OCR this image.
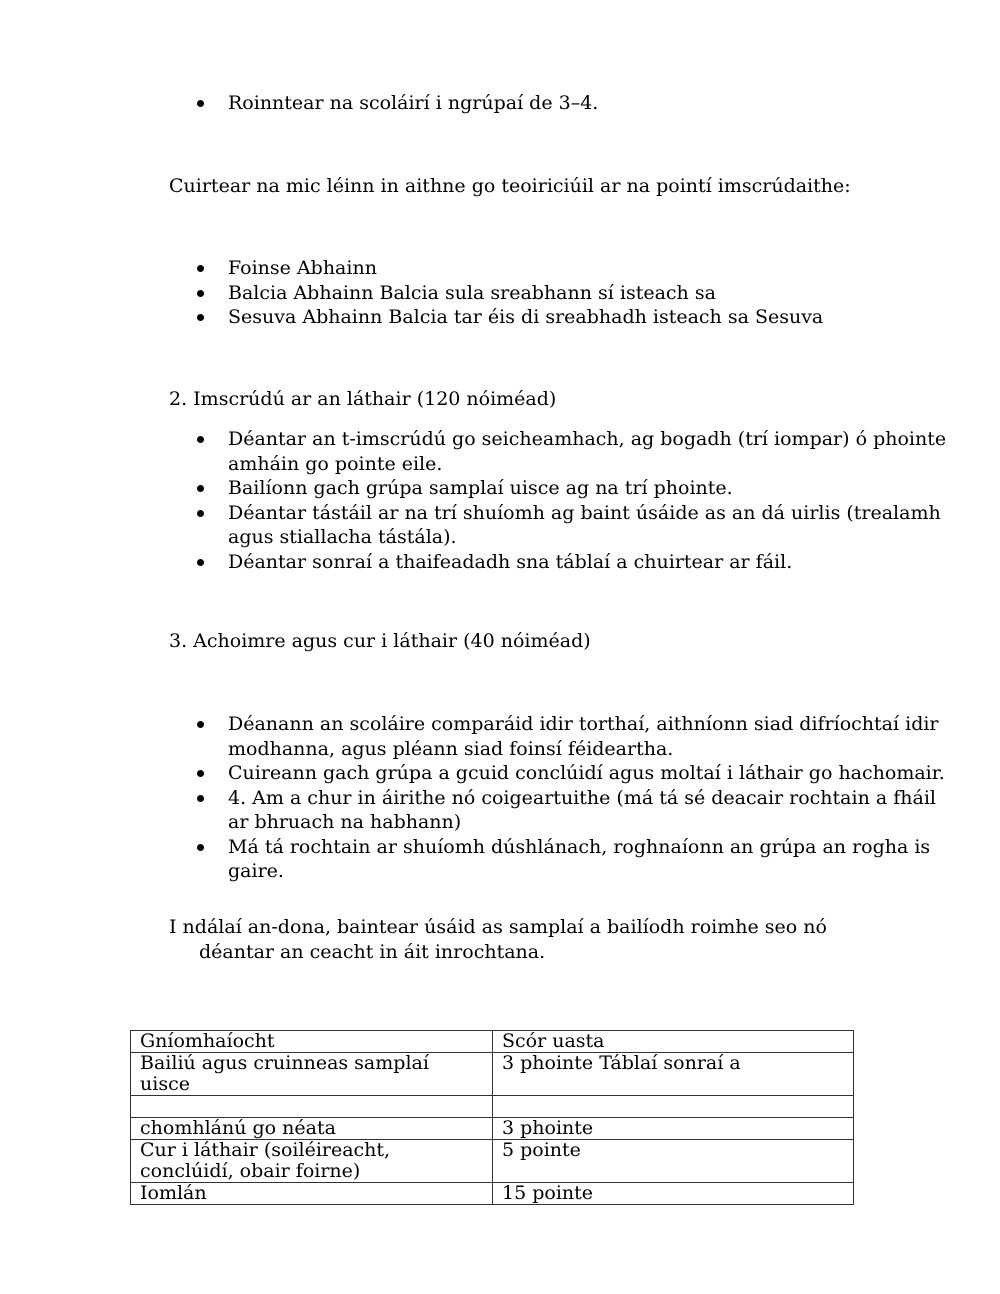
Roinntear na scoláirí i ngrúpaí de 3–4.
Cuirtear na mic léinn in aithne go teoiriciúil ar na pointí imscrúdaithe:
Foinse Abhainn
Balcia Abhainn Balcia sula sreabhann sí isteach sa
Sesuva Abhainn Balcia tar éis di sreabhadh isteach sa Sesuva
2. Imscrúdú ar an láthair (120 nóiméad)
Déantar an t-imscrúdú go seicheamhach, ag bogadh (trí iompar) ó phointe amháin go pointe eile.
Bailíonn gach grúpa samplaí uisce ag na trí phointe.
Déantar tástáil ar na trí shuíomh ag baint úsáide as an dá uirlis (trealamh agus stiallacha tástála).
Déantar sonraí a thaifeadadh sna táblaí a chuirtear ar fáil.
3. Achoimre agus cur i láthair (40 nóiméad)
Déanann an scoláire comparáid idir torthaí, aithníonn siad difríochtaí idir modhanna, agus pléann siad foinsí féideartha.
Cuireann gach grúpa a gcuid conclúidí agus moltaí i láthair go hachomair.
4. Am a chur in áirithe nó coigeartuithe (má tá sé deacair rochtain a fháil ar bhruach na habhann)
Má tá rochtain ar shuíomh dúshlánach, roghnaíonn an grúpa an rogha is gaire.
I ndálaí an-dona, baintear úsáid as samplaí a bailíodh roimhe seo nó déantar an ceacht in áit inrochtana.
Gníomhaíocht	Scór uasta
Bailiú agus cruinneas samplaí uisce	3 phointe Táblaí sonraí a

chomhlánú go néata	3 phointe
Cur i láthair (soiléireacht, conclúidí, obair foirne)	5 pointe
Iomlán	15 pointe
